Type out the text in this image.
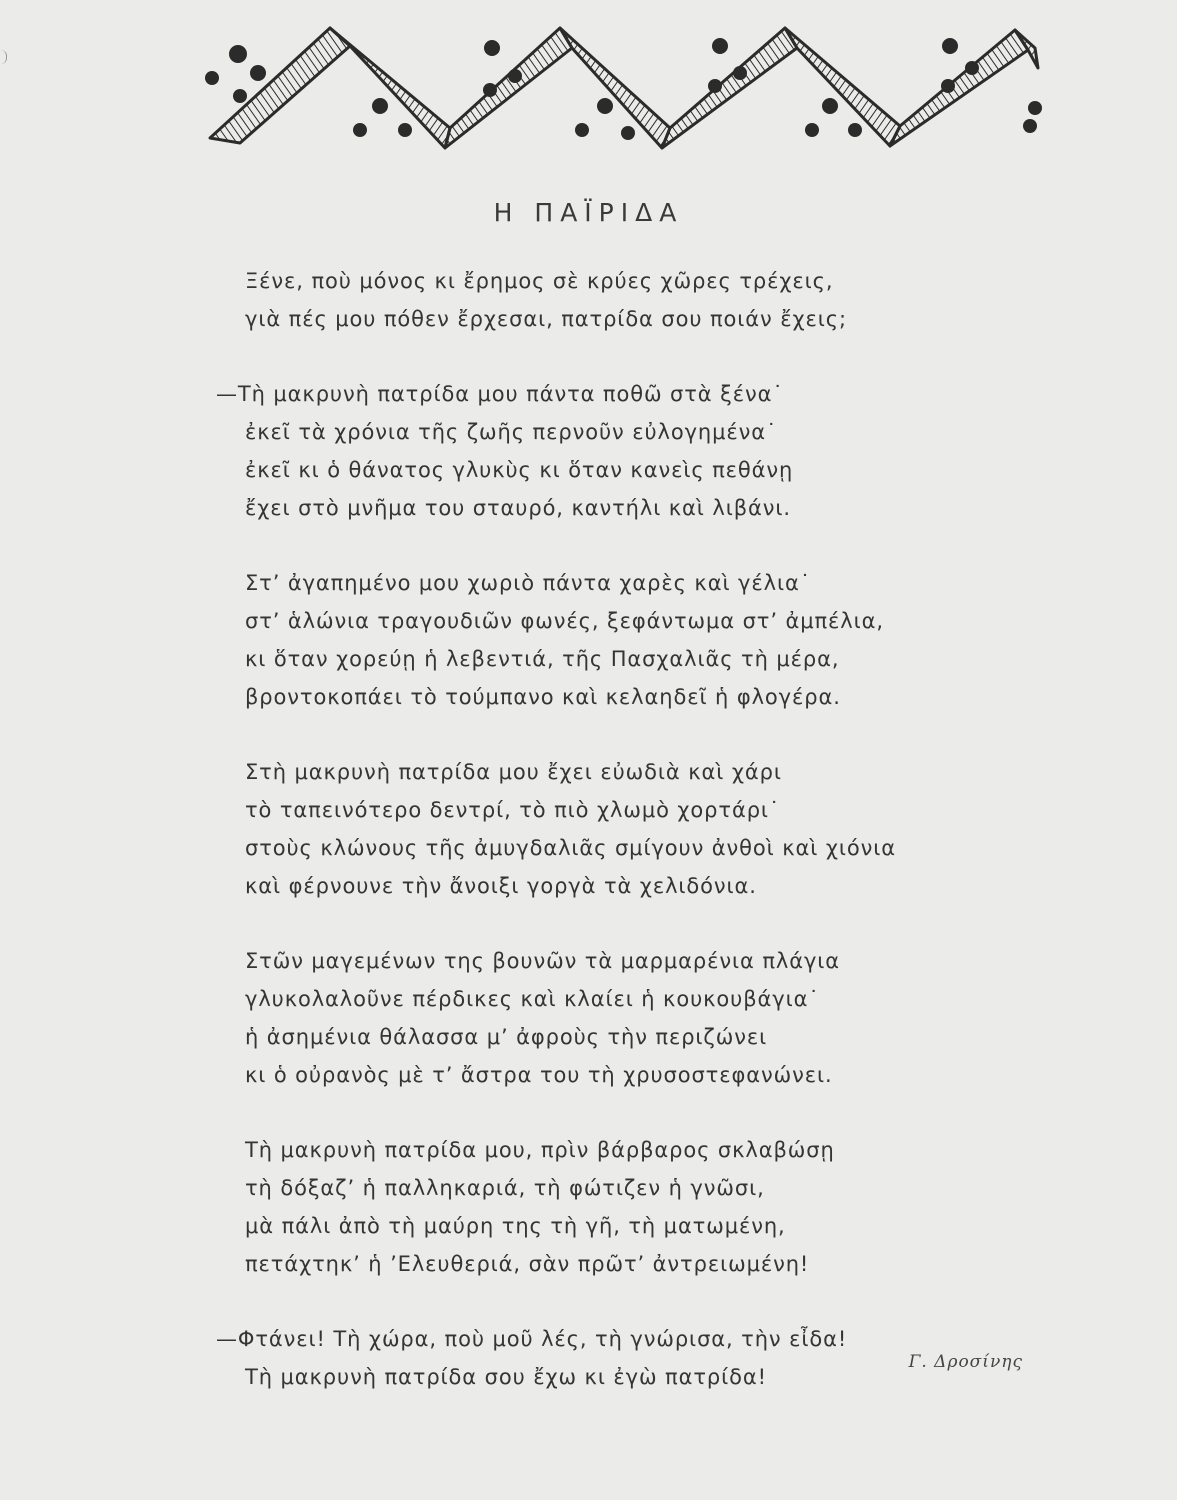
Η ΠΑΪΡΙΔΑ
Ξένε, ποὺ μόνος κι ἔρημος σὲ κρύες χῶρες τρέχεις,
γιὰ πές μου πόθεν ἔρχεσαι, πατρίδα σου ποιάν ἔχεις;
—Τὴ μακρυνὴ πατρίδα μου πάντα ποθῶ στὰ ξένα˙
ἐκεῖ τὰ χρόνια τῆς ζωῆς περνοῦν εὐλογημένα˙
ἐκεῖ κι ὁ θάνατος γλυκὺς κι ὅταν κανεὶς πεθάνῃ
ἔχει στὸ μνῆμα του σταυρό, καντήλι καὶ λιβάνι.
Στ’ ἀγαπημένο μου χωριὸ πάντα χαρὲς καὶ γέλια˙
στ’ ἁλώνια τραγουδιῶν φωνές, ξεφάντωμα στ’ ἀμπέλια,
κι ὅταν χορεύῃ ἡ λεβεντιά, τῆς Πασχαλιᾶς τὴ μέρα,
βροντοκοπάει τὸ τούμπανο καὶ κελαηδεῖ ἡ φλογέρα.
Στὴ μακρυνὴ πατρίδα μου ἔχει εὐωδιὰ καὶ χάρι
τὸ ταπεινότερο δεντρί, τὸ πιὸ χλωμὸ χορτάρι˙
στοὺς κλώνους τῆς ἀμυγδαλιᾶς σμίγουν ἀνθοὶ καὶ χιόνια
καὶ φέρνουνε τὴν ἄνοιξι γοργὰ τὰ χελιδόνια.
Στῶν μαγεμένων της βουνῶν τὰ μαρμαρένια πλάγια
γλυκολαλοῦνε πέρδικες καὶ κλαίει ἡ κουκουβάγια˙
ἡ ἀσημένια θάλασσα μ’ ἀφροὺς τὴν περιζώνει
κι ὁ οὐρανὸς μὲ τ’ ἄστρα του τὴ χρυσοστεφανώνει.
Τὴ μακρυνὴ πατρίδα μου, πρὶν βάρβαρος σκλαβώσῃ
τὴ δόξαζ’ ἡ παλληκαριά, τὴ φώτιζεν ἡ γνῶσι,
μὰ πάλι ἀπὸ τὴ μαύρη της τὴ γῆ, τὴ ματωμένη,
πετάχτηκ’ ἡ ’Ελευθεριά, σὰν πρῶτ’ ἀντρειωμένη!
—Φτάνει! Τὴ χώρα, ποὺ μοῦ λές, τὴ γνώρισα, τὴν εἶδα!
Τὴ μακρυνὴ πατρίδα σου ἔχω κι ἐγὼ πατρίδα!
Γ. Δροσίνης
